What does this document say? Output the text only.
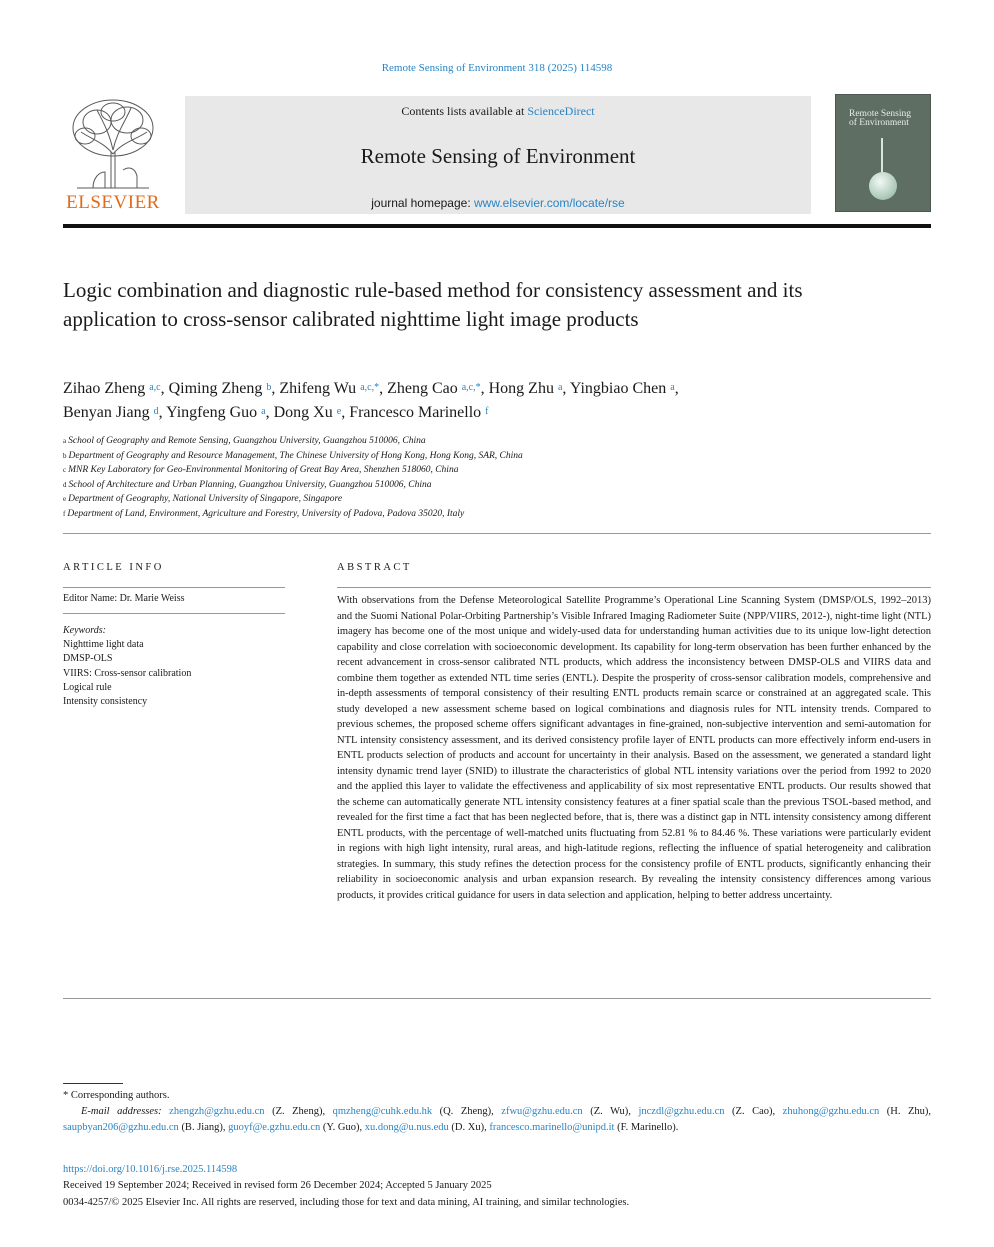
Remote Sensing of Environment 318 (2025) 114598
ELSEVIER
Contents lists available at ScienceDirect
Remote Sensing of Environment
journal homepage: www.elsevier.com/locate/rse
Remote Sensing
of Environment
Logic combination and diagnostic rule-based method for consistency assessment and its application to cross-sensor calibrated nighttime light image products
Zihao Zheng $^{a,c}$, Qiming Zheng $^b$, Zhifeng Wu $^{a,c,*}$, Zheng Cao $^{a,c,*}$, Hong Zhu $^a$, Yingbiao Chen $^a$,
Benyan Jiang $^d$, Yingfeng Guo $^a$, Dong Xu $^e$, Francesco Marinello $^f$
$^a$ School of Geography and Remote Sensing, Guangzhou University, Guangzhou 510006, China
$^b$ Department of Geography and Resource Management, The Chinese University of Hong Kong, Hong Kong, SAR, China
$^c$ MNR Key Laboratory for Geo-Environmental Monitoring of Great Bay Area, Shenzhen 518060, China
$^d$ School of Architecture and Urban Planning, Guangzhou University, Guangzhou 510006, China
$^e$ Department of Geography, National University of Singapore, Singapore
$^f$ Department of Land, Environment, Agriculture and Forestry, University of Padova, Padova 35020, Italy
ARTICLE INFO
Editor Name: Dr. Marie Weiss
Keywords:
Nighttime light data
DMSP-OLS
VIIRS: Cross-sensor calibration
Logical rule
Intensity consistency
ABSTRACT

With observations from the Defense Meteorological Satellite Programme’s Operational Line Scanning System (DMSP/OLS, 1992–2013) and the Suomi National Polar-Orbiting Partnership’s Visible Infrared Imaging Radiometer Suite (NPP/VIIRS, 2012-), night-time light (NTL) imagery has become one of the most unique and widely-used data for understanding human activities due to its unique low-light detection capability and close correlation with socioeconomic development. Its capability for long-term observation has been further enhanced by the recent advancement in cross-sensor calibrated NTL products, which address the inconsistency between DMSP-OLS and VIIRS data and combine them together as extended NTL time series (ENTL). Despite the prosperity of cross-sensor calibration models, comprehensive and in-depth assessments of temporal consistency of their resulting ENTL products remain scarce or constrained at an aggregated scale. This study developed a new assessment scheme based on logical combinations and diagnosis rules for NTL intensity trends. Compared to previous schemes, the proposed scheme offers significant advantages in fine-grained, non-subjective intervention and semi-automation for NTL intensity consistency assessment, and its derived consistency profile layer of ENTL products can more effectively inform end-users in ENTL products selection of products and account for uncertainty in their analysis. Based on the assessment, we generated a standard light intensity dynamic trend layer (SNID) to illustrate the characteristics of global NTL intensity variations over the period from 1992 to 2020 and the applied this layer to validate the effectiveness and applicability of six most representative ENTL products. Our results showed that the scheme can automatically generate NTL intensity consistency features at a finer spatial scale than the previous TSOL-based method, and revealed for the first time a fact that has been neglected before, that is, there was a distinct gap in NTL intensity consistency among different ENTL products, with the percentage of well-matched units fluctuating from 52.81 % to 84.46 %. These variations were particularly evident in regions with high light intensity, rural areas, and high-latitude regions, reflecting the influence of spatial heterogeneity and calibration strategies. In summary, this study refines the detection process for the consistency profile of ENTL products, significantly enhancing their reliability in socioeconomic analysis and urban expansion research. By revealing the intensity consistency differences among various products, it provides critical guidance for users in data selection and application, helping to better address uncertainty.

* Corresponding authors.
E-mail addresses: zhengzh@gzhu.edu.cn (Z. Zheng), qmzheng@cuhk.edu.hk (Q. Zheng), zfwu@gzhu.edu.cn (Z. Wu), jnczdl@gzhu.edu.cn (Z. Cao), zhuhong@gzhu.edu.cn (H. Zhu), saupbyan206@gzhu.edu.cn (B. Jiang), guoyf@e.gzhu.edu.cn (Y. Guo), xu.dong@u.nus.edu (D. Xu), francesco.marinello@unipd.it (F. Marinello).
https://doi.org/10.1016/j.rse.2025.114598
Received 19 September 2024; Received in revised form 26 December 2024; Accepted 5 January 2025
0034-4257/© 2025 Elsevier Inc. All rights are reserved, including those for text and data mining, AI training, and similar technologies.
